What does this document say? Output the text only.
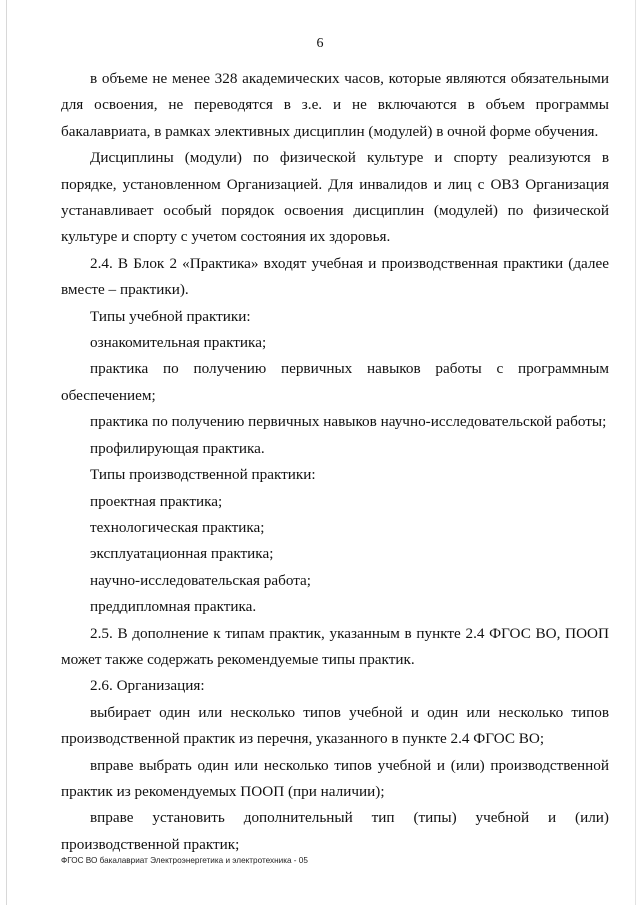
6

в объеме не менее 328 академических часов, которые являются обязательными для освоения, не переводятся в з.е. и не включаются в объем программы бакалавриата, в рамках элективных дисциплин (модулей) в очной форме обучения.

Дисциплины (модули) по физической культуре и спорту реализуются в порядке, установленном Организацией. Для инвалидов и лиц с ОВЗ Организация устанавливает особый порядок освоения дисциплин (модулей) по физической культуре и спорту с учетом состояния их здоровья.

2.4. В Блок 2 «Практика» входят учебная и производственная практики (далее вместе – практики).

Типы учебной практики:

ознакомительная практика;

практика по получению первичных навыков работы с программным обеспечением;

практика по получению первичных навыков научно-исследовательской работы;

профилирующая практика.

Типы производственной практики:

проектная практика;

технологическая практика;

эксплуатационная практика;

научно-исследовательская работа;

преддипломная практика.

2.5. В дополнение к типам практик, указанным в пункте 2.4 ФГОС ВО, ПООП может также содержать рекомендуемые типы практик.

2.6. Организация:

выбирает один или несколько типов учебной и один или несколько типов производственной практик из перечня, указанного в пункте 2.4 ФГОС ВО;

вправе выбрать один или несколько типов учебной и (или) производственной практик из рекомендуемых ПООП (при наличии);

вправе установить дополнительный тип (типы) учебной и (или) производственной практик;

ФГОС ВО бакалавриат Электроэнергетика и электротехника - 05
